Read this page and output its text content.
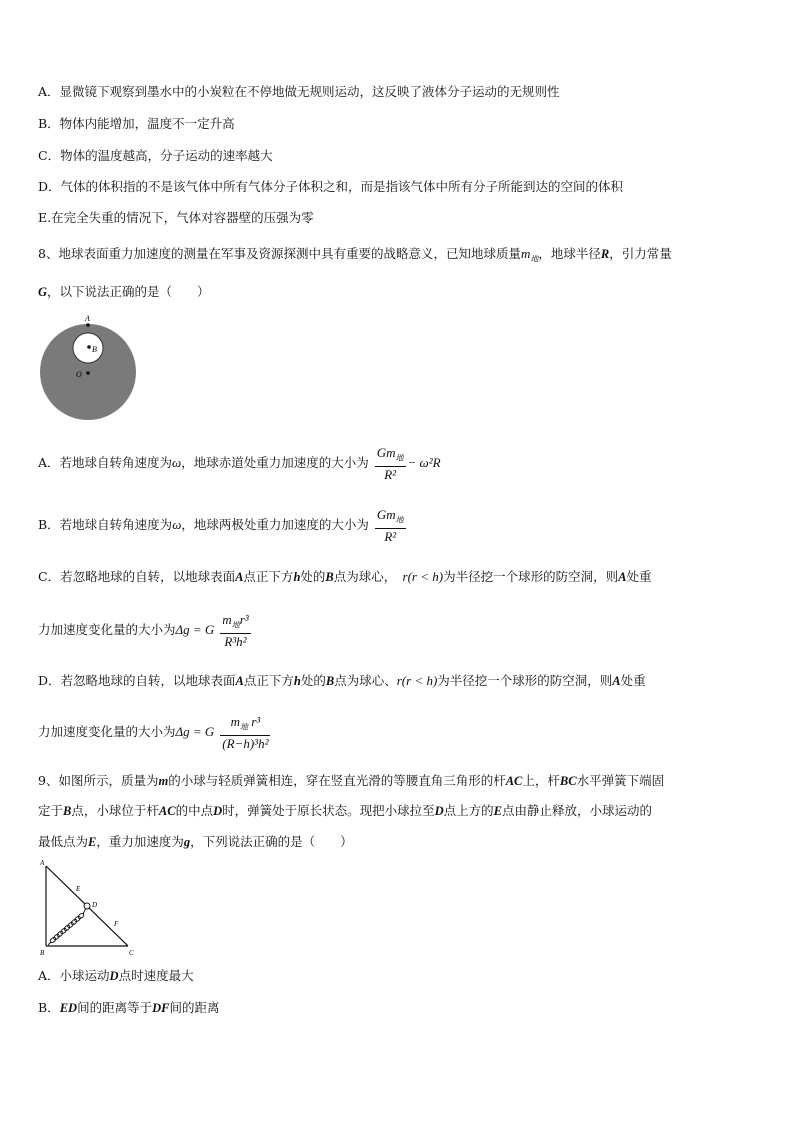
A．显微镜下观察到墨水中的小炭粒在不停地做无规则运动，这反映了液体分子运动的无规则性
B．物体内能增加，温度不一定升高
C．物体的温度越高，分子运动的速率越大
D．气体的体积指的不是该气体中所有气体分子体积之和，而是指该气体中所有分子所能到达的空间的体积
E.在完全失重的情况下，气体对容器壁的压强为零
8、地球表面重力加速度的测量在军事及资源探测中具有重要的战略意义，已知地球质量$m_地$，地球半径R，引力常量
G，以下说法正确的是（　　）
A
B
O
A．若地球自转角速度为ω，地球赤道处重力加速度的大小为 $\frac{Gm_地}{\text{R²}} - \omega^2R$
B．若地球自转角速度为ω，地球两极处重力加速度的大小为 $\frac{Gm_地}{\text{R²}}$
C．若忽略地球的自转，以地球表面A点正下方h处的B点为球心，　 r(r < h)为半径挖一个球形的防空洞，则A处重
力加速度变化量的大小为Δg = G $\frac{m_地r^3}{\text{R³h²}}$
D．若忽略地球的自转，以地球表面A点正下方h处的B点为球心、r(r < h)为半径挖一个球形的防空洞，则A处重
力加速度变化量的大小为Δg = G $\frac{m_地 r^3}{\text{(R−h)³h²}}$
9、如图所示，质量为m的小球与轻质弹簧相连，穿在竖直光滑的等腰直角三角形的杆AC上，杆BC水平弹簧下端固
定于B点，小球位于杆AC的中点D时，弹簧处于原长状态。现把小球拉至D点上方的E点由静止释放，小球运动的
最低点为E，重力加速度为g，下列说法正确的是（　　）
A
B	C
D
E
F
A．小球运动D点时速度最大
B．ED间的距离等于DF间的距离
